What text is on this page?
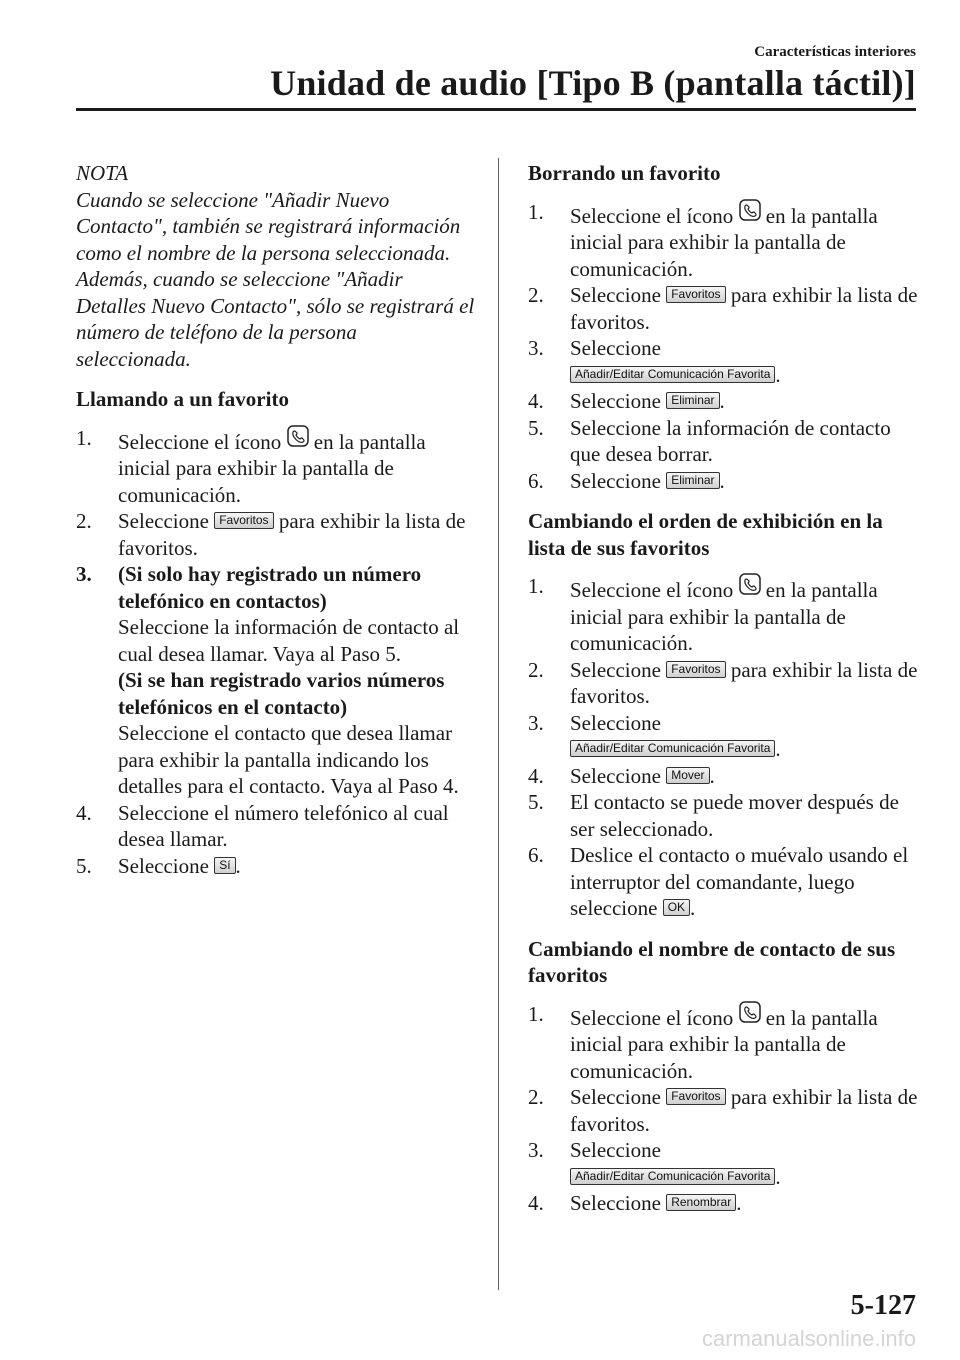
Características interiores
Unidad de audio [Tipo B (pantalla táctil)]
NOTA
Cuando se seleccione "Añadir Nuevo Contacto", también se registrará información como el nombre de la persona seleccionada. Además, cuando se seleccione "Añadir Detalles Nuevo Contacto", sólo se registrará el número de teléfono de la persona seleccionada.
Llamando a un favorito
1. Seleccione el ícono en la pantalla inicial para exhibir la pantalla de comunicación.
2. Seleccione Favoritos para exhibir la lista de favoritos.
3. (Si solo hay registrado un número telefónico en contactos)
Seleccione la información de contacto al cual desea llamar. Vaya al Paso 5.
(Si se han registrado varios números telefónicos en el contacto)
Seleccione el contacto que desea llamar para exhibir la pantalla indicando los detalles para el contacto. Vaya al Paso 4.
4. Seleccione el número telefónico al cual desea llamar.
5. Seleccione Sí .
Borrando un favorito
1. Seleccione el ícono en la pantalla inicial para exhibir la pantalla de comunicación.
2. Seleccione Favoritos para exhibir la lista de favoritos.
3. Seleccione
Añadir/Editar Comunicación Favorita .
4. Seleccione Eliminar .
5. Seleccione la información de contacto que desea borrar.
6. Seleccione Eliminar .
Cambiando el orden de exhibición en la lista de sus favoritos
1. Seleccione el ícono en la pantalla inicial para exhibir la pantalla de comunicación.
2. Seleccione Favoritos para exhibir la lista de favoritos.
3. Seleccione
Añadir/Editar Comunicación Favorita .
4. Seleccione Mover .
5. El contacto se puede mover después de ser seleccionado.
6. Deslice el contacto o muévalo usando el interruptor del comandante, luego seleccione OK .
Cambiando el nombre de contacto de sus favoritos
1. Seleccione el ícono en la pantalla inicial para exhibir la pantalla de comunicación.
2. Seleccione Favoritos para exhibir la lista de favoritos.
3. Seleccione
Añadir/Editar Comunicación Favorita .
4. Seleccione Renombrar .
5-127
carmanualsonline.info
